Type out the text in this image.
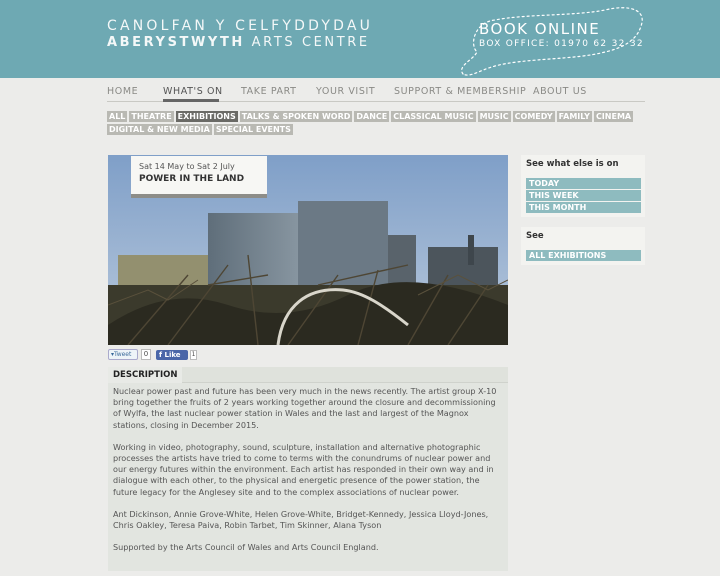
CANOLFAN Y CELFYDDYDAU
ABERYSTWYTH ARTS CENTRE
BOOK ONLINE
BOX OFFICE: 01970 62 32 32
HOME	WHAT'S ON TAKE PART YOUR VISIT SUPPORT & MEMBERSHIP ABOUT US
ALL THEATRE EXHIBITIONS TALKS & SPOKEN WORD DANCE CLASSICAL MUSIC MUSIC COMEDY FAMILY CINEMA
DIGITAL & NEW MEDIA SPECIAL EVENTS
Sat 14 May to Sat 2 July
POWER IN THE LAND
▾Tweet	0	f Like	1
DESCRIPTION

Nuclear power past and future has been very much in the news recently. The artist group X-10 bring together the fruits of 2 years working together around the closure and decommissioning of Wylfa, the last nuclear power station in Wales and the last and largest of the Magnox stations, closing in December 2015.

Working in video, photography, sound, sculpture, installation and alternative photographic processes the artists have tried to come to terms with the conundrums of nuclear power and our energy futures within the environment. Each artist has responded in their own way and in dialogue with each other, to the physical and energetic presence of the power station, the future legacy for the Anglesey site and to the complex associations of nuclear power.

Ant Dickinson, Annie Grove-White, Helen Grove-White, Bridget-Kennedy, Jessica Lloyd-Jones, Chris Oakley, Teresa Paiva, Robin Tarbet, Tim Skinner, Alana Tyson

Supported by the Arts Council of Wales and Arts Council England.

See what else is on
TODAY
THIS WEEK
THIS MONTH
See
ALL EXHIBITIONS
